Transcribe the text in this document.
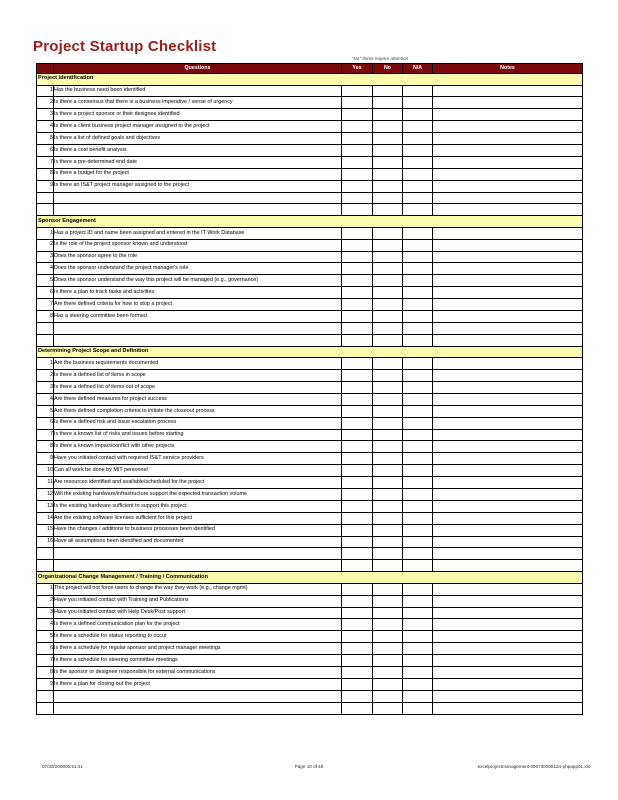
Project Startup Checklist
"No" items require attention
	Questions	Yes	No	N/A	Notes
Project Identification					
1	Has the business need been identified				
2	Is there a consensus that there is a business imperative / sense of urgency				
3	Is there a project sponsor or their designee identified				
4	Is there a client business project manager assigned to the project				
5	Is there a list of defined goals and objectives				
6	Is there a cost benefit analysis				
7	Is there a pre-determined end date				
8	Is there a budget for the project				
9	Is there an IS&T project manager assigned to the project				

Sponsor Engagement					
1	Has a project ID and name been assigned and entered in the IT Work Database				
2	Is the role of the project sponsor known and understood				
3	Does the sponsor agree to the role				
4	Does the sponsor understand the project manager's role				
5	Does the sponsor understand the way this project will be managed (e.g., governance)				
6	Is there a plan to track tasks and activities				
7	Are there defined criteria for how to stop a project				
8	Has a steering committee been formed				

Determining Project Scope and Definition					
1	Are the business requirements documented				
2	Is there a defined list of items in scope				
3	Is there a defined list of items out of scope				
4	Are there defined measures for project success				
5	Are there defined completion criteria to initiate the closeout process				
6	Is there a defined risk and issue escalation process				
7	Is there a known list of risks and issues before starting				
8	Is there a known impact/conflict with other projects				
9	Have you initiated contact with required IS&T service providers				
10	Can all work be done by MIT personnel				
11	Are resources identified and available/scheduled for the project				
12	Will the existing hardware/infrastructure support the expected transaction volume				
13	Is the existing hardware sufficient to support this project				
14	Are the existing software licenses sufficient for this project				
15	Have the changes / additions to business processes been identified				
16	Have all assumptions been identified and documented				

Organizational Change Management / Training / Communication					
1	This project will not force users to change the way they work (e.g., change mgmt)				
2	Have you initiated contact with Training and Publications				
3	Have you initiated contact with Help Desk/Post support				
4	Is there a defined communication plan for the project				
5	Is there a schedule for status reporting to occur				
6	Is there a schedule for regular sponsor and project manager meetings				
7	Is there a schedule for steering committee meetings				
8	Is the sponsor or designee responsible for external communications				
9	Is there a plan for closing out the project				

07/30/200905:51:41	Page 10 of 48	excelprojectmanagement-090730005134-phpapp01.xls
